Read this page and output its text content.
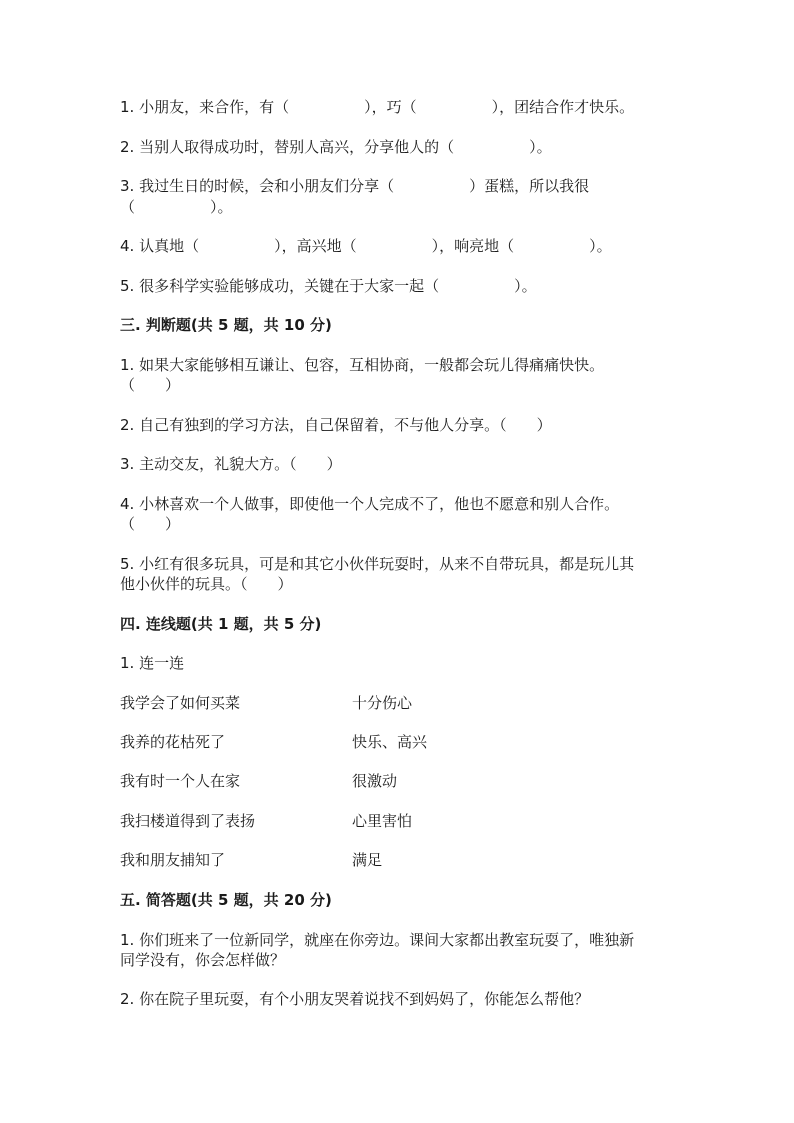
1. 小朋友，来合作，有（　　　　　），巧（　　　　　），团结合作才快乐。
2. 当别人取得成功时，替别人高兴，分享他人的（　　　　　）。
3. 我过生日的时候，会和小朋友们分享（　　　　　）蛋糕，所以我很
（　　　　　）。
4. 认真地（　　　　　），高兴地（　　　　　），响亮地（　　　　　）。
5. 很多科学实验能够成功，关键在于大家一起（　　　　　）。
三. 判断题(共 5 题，共 10 分)
1. 如果大家能够相互谦让、包容，互相协商，一般都会玩儿得痛痛快快。
（　　）
2. 自己有独到的学习方法，自己保留着，不与他人分享。（　　）
3. 主动交友，礼貌大方。（　　）
4. 小林喜欢一个人做事，即使他一个人完成不了，他也不愿意和别人合作。
（　　）
5. 小红有很多玩具，可是和其它小伙伴玩耍时，从来不自带玩具，都是玩儿其
他小伙伴的玩具。（　　）
四. 连线题(共 1 题，共 5 分)
1. 连一连
我学会了如何买菜	十分伤心
我养的花枯死了	快乐、高兴
我有时一个人在家	很激动
我扫楼道得到了表扬	心里害怕
我和朋友捕知了	满足
五. 简答题(共 5 题，共 20 分)
1. 你们班来了一位新同学，就座在你旁边。课间大家都出教室玩耍了，唯独新
同学没有，你会怎样做？
2. 你在院子里玩耍，有个小朋友哭着说找不到妈妈了，你能怎么帮他？
